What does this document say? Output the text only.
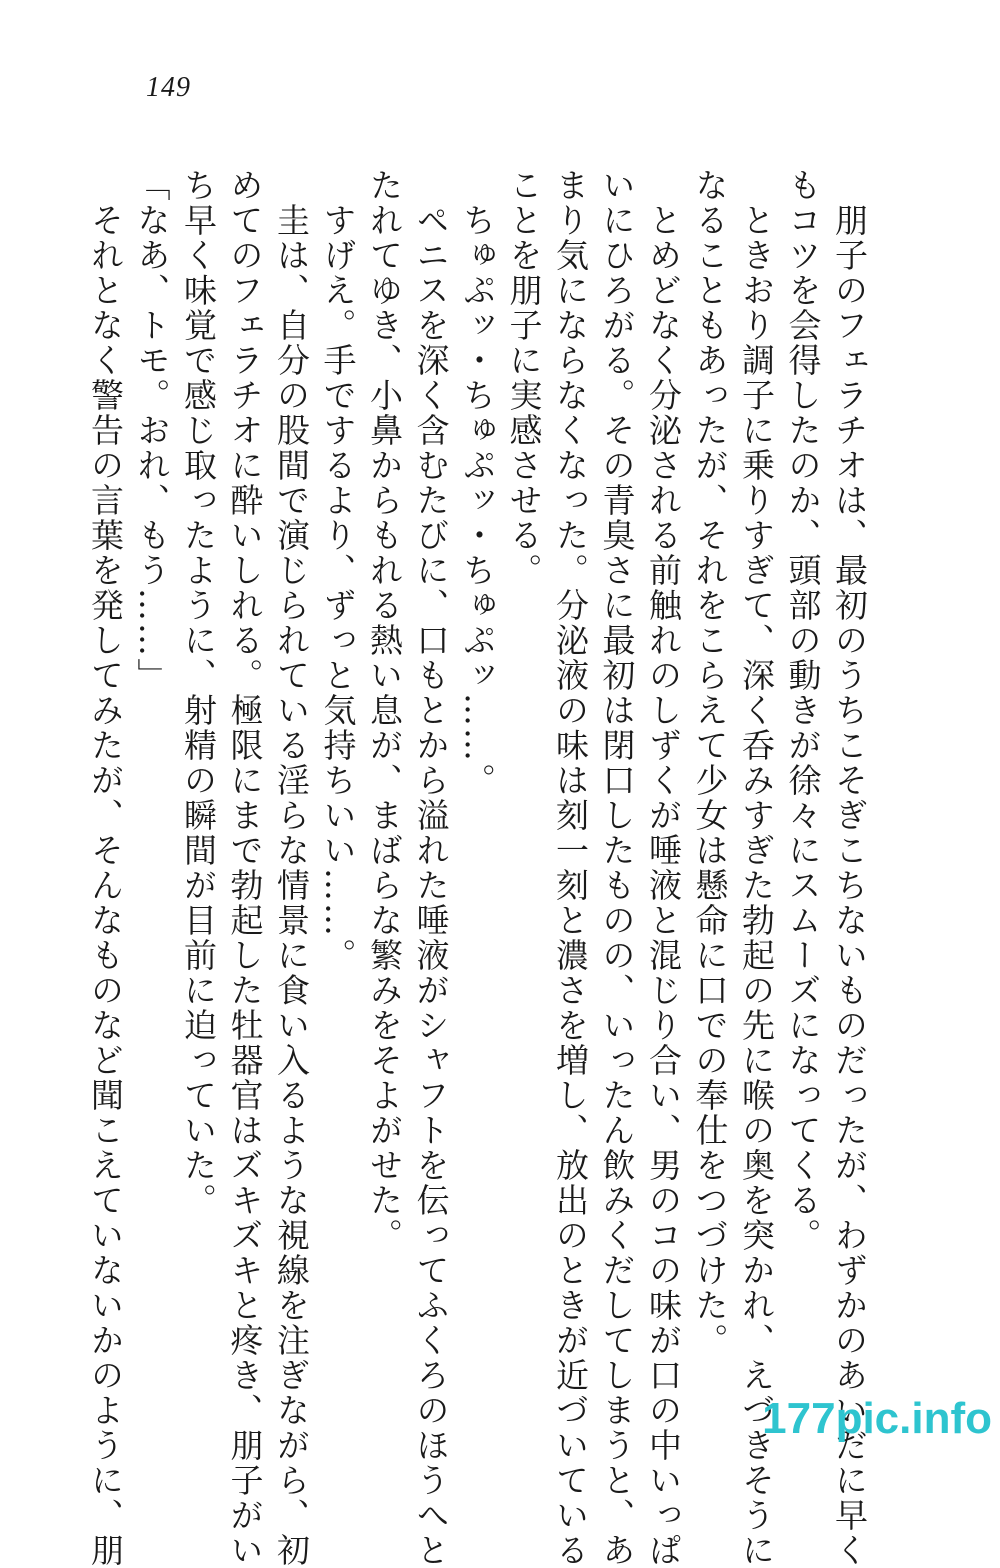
149

　朋子のフェラチオは、最初のうちこそぎこちないものだったが、わずかのあいだに早く

もコツを会得したのか、頭部の動きが徐々にスムーズになってくる。

　ときおり調子に乗りすぎて、深く呑みすぎた勃起の先に喉の奥を突かれ、えづきそうに

なることもあったが、それをこらえて少女は懸命に口での奉仕をつづけた。

　とめどなく分泌される前触れのしずくが唾液と混じり合い、男のコの味が口の中いっぱ

いにひろがる。その青臭さに最初は閉口したものの、いったん飲みくだしてしまうと、あ

まり気にならなくなった。分泌液の味は刻一刻と濃さを増し、放出のときが近づいている

ことを朋子に実感させる。

　ちゅぷッ・ちゅぷッ・ちゅぷッ……。

　ペニスを深く含むたびに、口もとから溢れた唾液がシャフトを伝ってふくろのほうへと

たれてゆき、小鼻からもれる熱い息が、まばらな繁みをそよがせた。

　すげえ。手でするより、ずっと気持ちいい……。

　圭は、自分の股間で演じられている淫らな情景に食い入るような視線を注ぎながら、初

めてのフェラチオに酔いしれる。極限にまで勃起した牡器官はズキズキと疼き、朋子がい

ち早く味覚で感じ取ったように、射精の瞬間が目前に迫っていた。

「なあ、トモ。おれ、もう……」

　それとなく警告の言葉を発してみたが、そんなものなど聞こえていないかのように、朋	177pic.info
